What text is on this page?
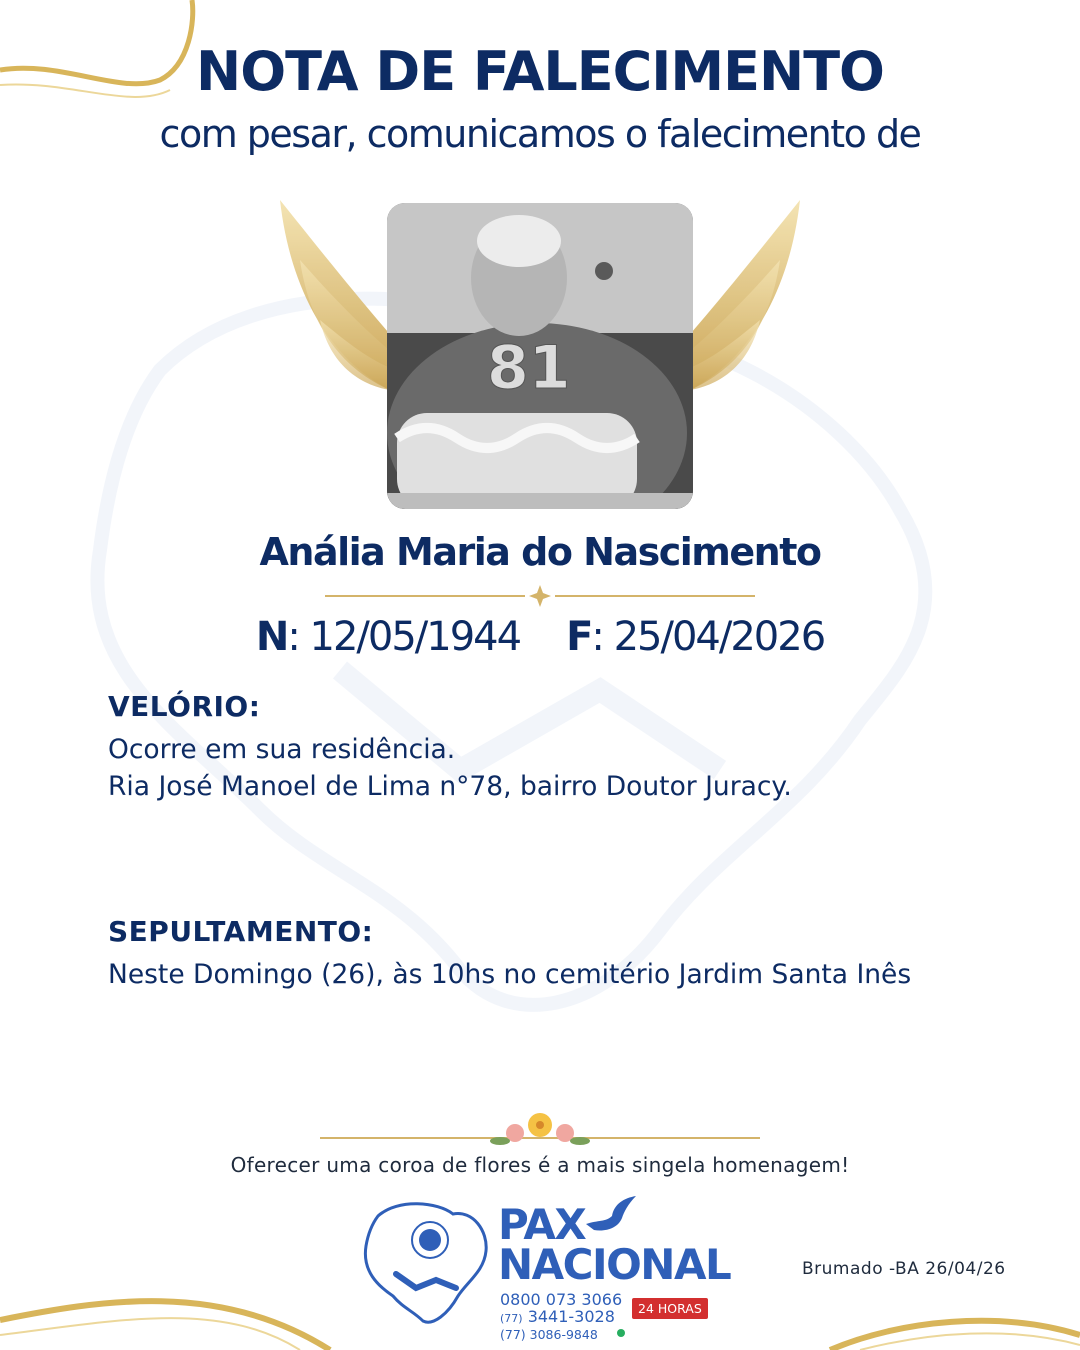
NOTA DE FALECIMENTO
com pesar, comunicamos o falecimento de
81
Anália Maria do Nascimento
N: 12/05/1944 F: 25/04/2026
VELÓRIO:
Ocorre em sua residência.
Ria José Manoel de Lima n°78, bairro Doutor Juracy.
SEPULTAMENTO:
Neste Domingo (26), às 10hs no cemitério Jardim Santa Inês
Oferecer uma coroa de flores é a mais singela homenagem!
PAX
NACIONAL
0800 073 3066
(77) 3441-3028
(77) 3086-9848
24 HORAS
Brumado -BA 26/04/26
